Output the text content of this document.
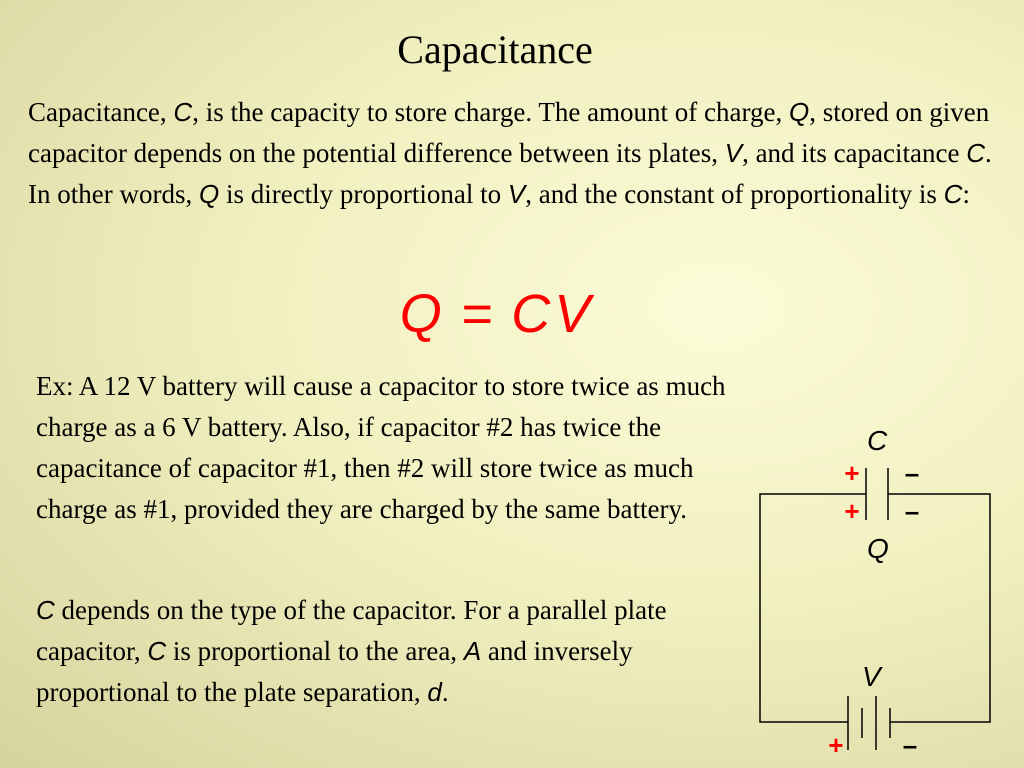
Capacitance
Capacitance, C, is the capacity to store charge. The amount of charge, Q, stored on given capacitor depends on the potential difference between its plates, V, and its capacitance C. In other words, Q is directly proportional to V, and the constant of proportionality is C:
Q = CV
Ex: A 12 V battery will cause a capacitor to store twice as much charge as a 6 V battery. Also, if capacitor #2 has twice the capacitance of capacitor #1, then #2 will store twice as much charge as #1, provided they are charged by the same battery.
C depends on the type of the capacitor. For a parallel plate capacitor, C is proportional to the area, A and inversely proportional to the plate separation, d.
C
+ –
+ –
Q
V
+ –
